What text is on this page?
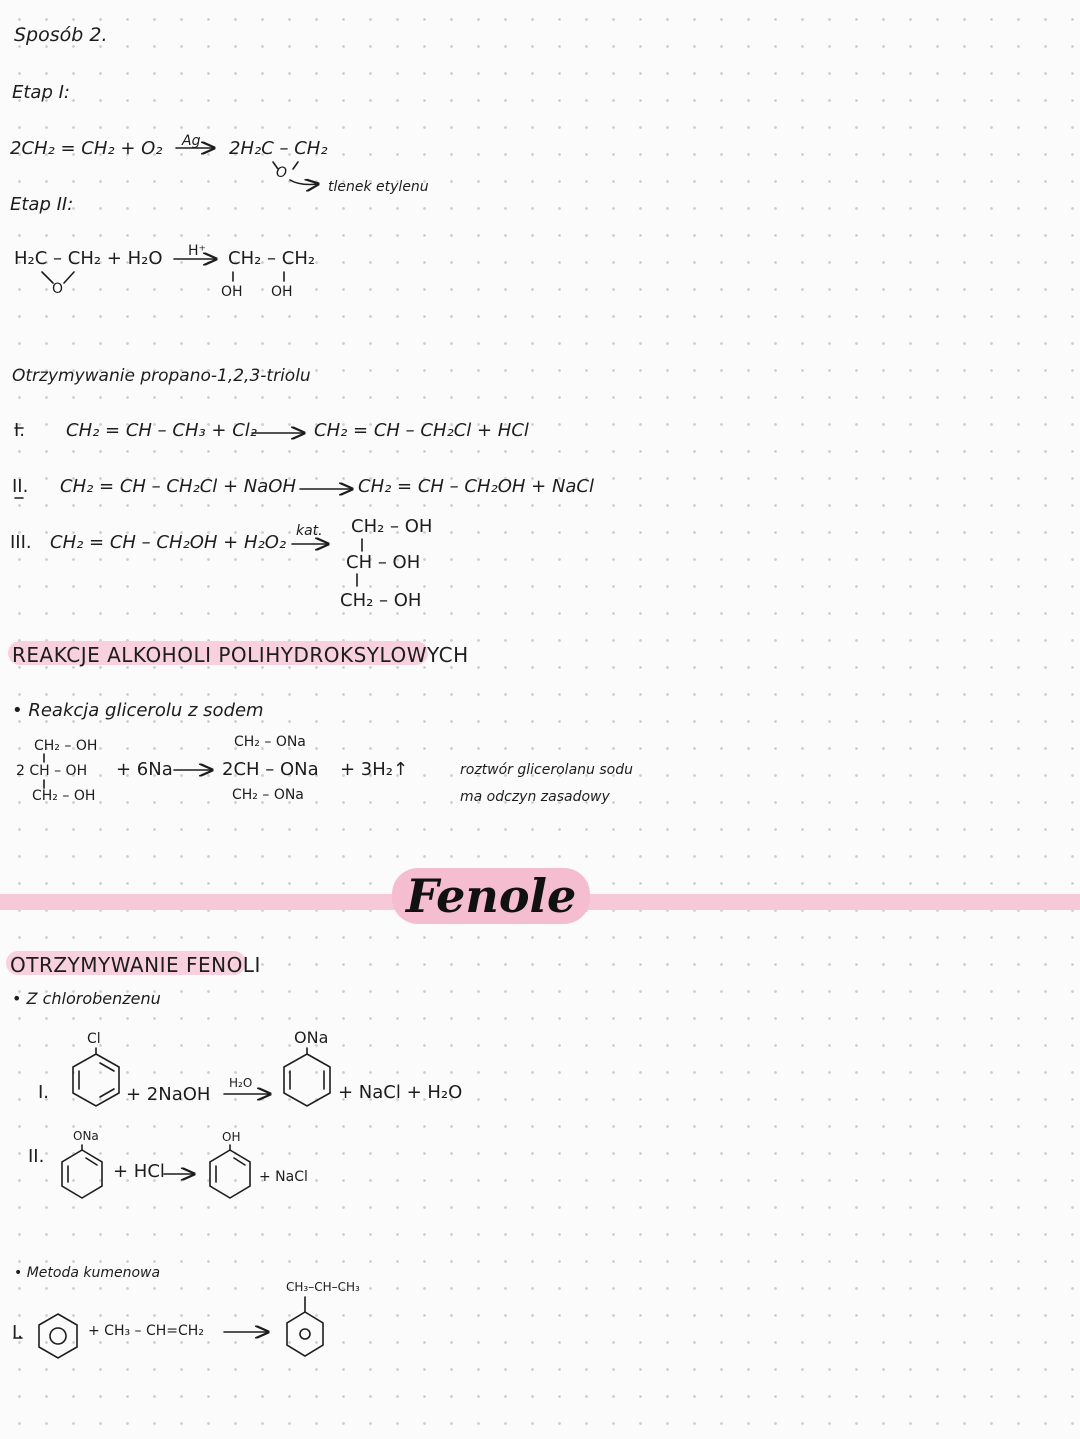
Sposób 2.
Etap I:
2CH₂ = CH₂ + O₂ Ag 2H₂C – CH₂
O
tlenek etylenu
Etap II:
H₂C – CH₂ + H₂O
O
H⁺ CH₂ – CH₂
OH OH
Otrzymywanie propano-1,2,3-triolu
I. CH₂ = CH – CH₃ + Cl₂	CH₂ = CH – CH₂Cl + HCl
II. CH₂ = CH – CH₂Cl + NaOH	CH₂ = CH – CH₂OH + NaCl
III. CH₂ = CH – CH₂OH + H₂O₂
kat. CH₂ – OH
CH – OH
CH₂ – OH
REAKCJE ALKOHOLI POLIHYDROKSYLOWYCH
• Reakcja glicerolu z sodem
CH₂ – OH
2 CH – OH
CH₂ – OH
+ 6Na
CH₂ – ONa
2CH – ONa
CH₂ – ONa
+ 3H₂↑	roztwór glicerolanu sodu
ma odczyn zasadowy
Fenole
OTRZYMYWANIE FENOLI
• Z chlorobenzenu
I.
Cl
+ 2NaOH
H₂O
ONa
+ NaCl + H₂O
II.
ONa
+ HCl
OH
+ NaCl
• Metoda kumenowa
CH₃–CH–CH₃
I.	+ CH₃ – CH=CH₂
